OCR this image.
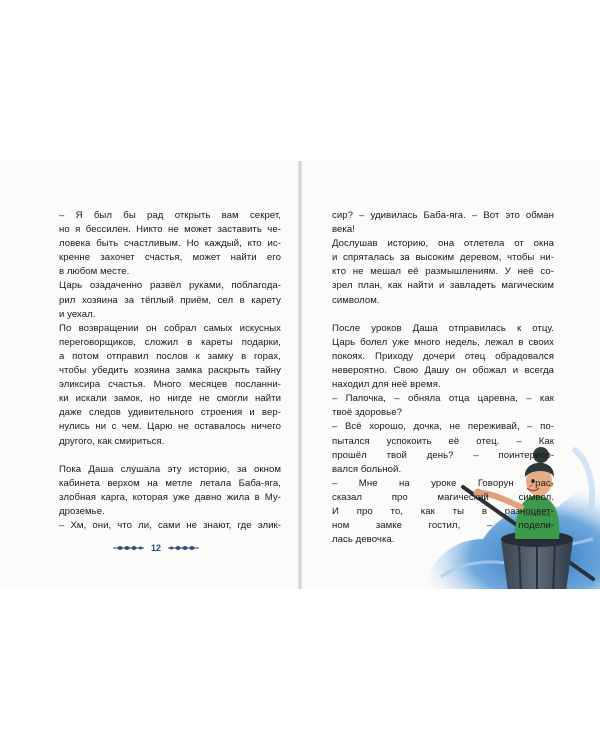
– Я был бы рад открыть вам секрет,
но я бессилен. Никто не может заставить че-
ловека быть счастливым. Но каждый, кто ис-
кренне захочет счастья, может найти его
в любом месте.
Царь озадаченно развёл руками, поблагода-
рил хозяина за тёплый приём, сел в карету
и уехал.
По возвращении он собрал самых искусных
переговорщиков, сложил в кареты подарки,
а потом отправил послов к замку в горах,
чтобы убедить хозяина замка раскрыть тайну
эликсира счастья. Много месяцев посланни-
ки искали замок, но нигде не смогли найти
даже следов удивительного строения и вер-
нулись ни с чем. Царю не оставалось ничего
другого, как смириться.
Пока Даша слушала эту историю, за окном
кабинета верхом на метле летала Баба-яга,
злобная карга, которая уже давно жила в Му-
дроземье.
– Хм, они, что ли, сами не знают, где элик-
12
сир? – удивилась Баба-яга. – Вот это обман
века!
Дослушав историю, она отлетела от окна
и спряталась за высоким деревом, чтобы ни-
кто не мешал её размышлениям. У неё со-
зрел план, как найти и завладеть магическим
символом.
После уроков Даша отправилась к отцу.
Царь болел уже много недель, лежал в своих
покоях. Приходу дочери отец обрадовался
невероятно. Свою Дашу он обожал и всегда
находил для неё время.
– Папочка, – обняла отца царевна, – как
твоё здоровье?
– Всё хорошо, дочка, не переживай, – по-
пытался успокоить её отец. – Как
прошёл твой день? – поинтересо-
вался больной.
– Мне на уроке Говорун рас-
сказал про магический символ.
И про то, как ты в разноцвет-
ном замке гостил, – подели-
лась девочка.
